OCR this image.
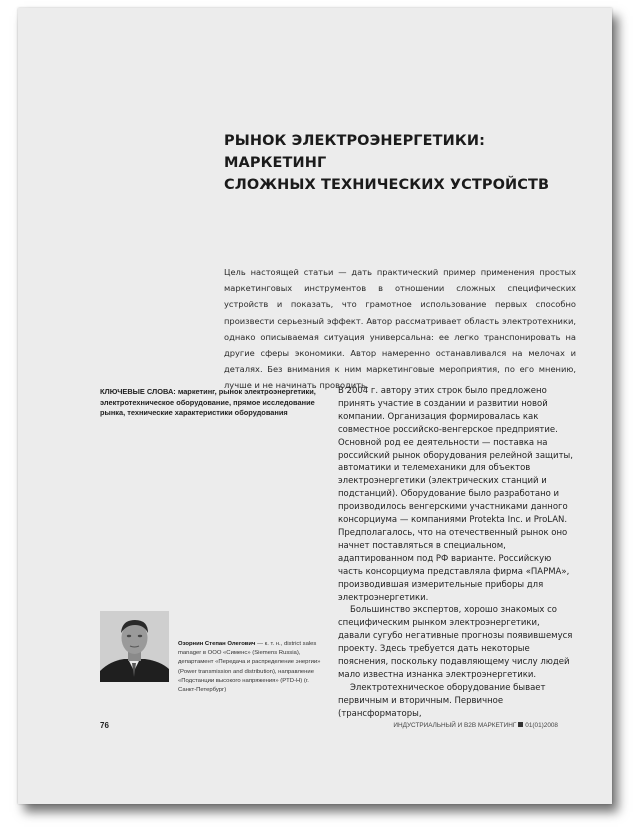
РЫНОК ЭЛЕКТРОЭНЕРГЕТИКИ: МАРКЕТИНГ
СЛОЖНЫХ ТЕХНИЧЕСКИХ УСТРОЙСТВ
Цель настоящей статьи — дать практический пример применения простых маркетинговых инструментов в отношении сложных специфических устройств и показать, что грамотное использование первых способно произвести серьезный эффект. Автор рассматривает область электротехники, однако описываемая ситуация универсальна: ее легко транспонировать на другие сферы экономики. Автор намеренно останавливался на мелочах и деталях. Без внимания к ним маркетинговые мероприятия, по его мнению, лучше и не начинать проводить.
КЛЮЧЕВЫЕ СЛОВА: маркетинг, рынок электроэнергетики, электротехническое оборудование, прямое исследование рынка, технические характеристики оборудования
Озорнин Степан Олегович — к. т. н., district sales manager в ООО «Сименс» (Siemens Russia), департамент «Передача и распределение энергии» (Power transmission and distribution), направление «Подстанции высокого напряжения» (PTD-H) (г. Санкт-Петербург)

В 2004 г. автору этих строк было предложено принять участие в создании и развитии новой компании. Организация формировалась как совместное российско-венгерское предприятие. Основной род ее деятельности — поставка на российский рынок оборудования релейной защиты, автоматики и телемеханики для объектов электроэнергетики (электрических станций и подстанций). Оборудование было разработано и производилось венгерскими участниками данного консорциума — компаниями Protekta Inc. и ProLAN. Предполагалось, что на отечественный рынок оно начнет поставляться в специальном, адаптированном под РФ варианте. Российскую часть консорциума представляла фирма «ПАРМА», производившая измерительные приборы для электроэнергетики.

Большинство экспертов, хорошо знакомых со специфическим рынком электроэнергетики, давали сугубо негативные прогнозы появившемуся проекту. Здесь требуется дать некоторые пояснения, поскольку подавляющему числу людей мало известна изнанка электроэнергетики.

Электротехническое оборудование бывает первичным и вторичным. Первичное (трансформаторы,

76	ИНДУСТРИАЛЬНЫЙ И B2B МАРКЕТИНГ 01(01)2008
